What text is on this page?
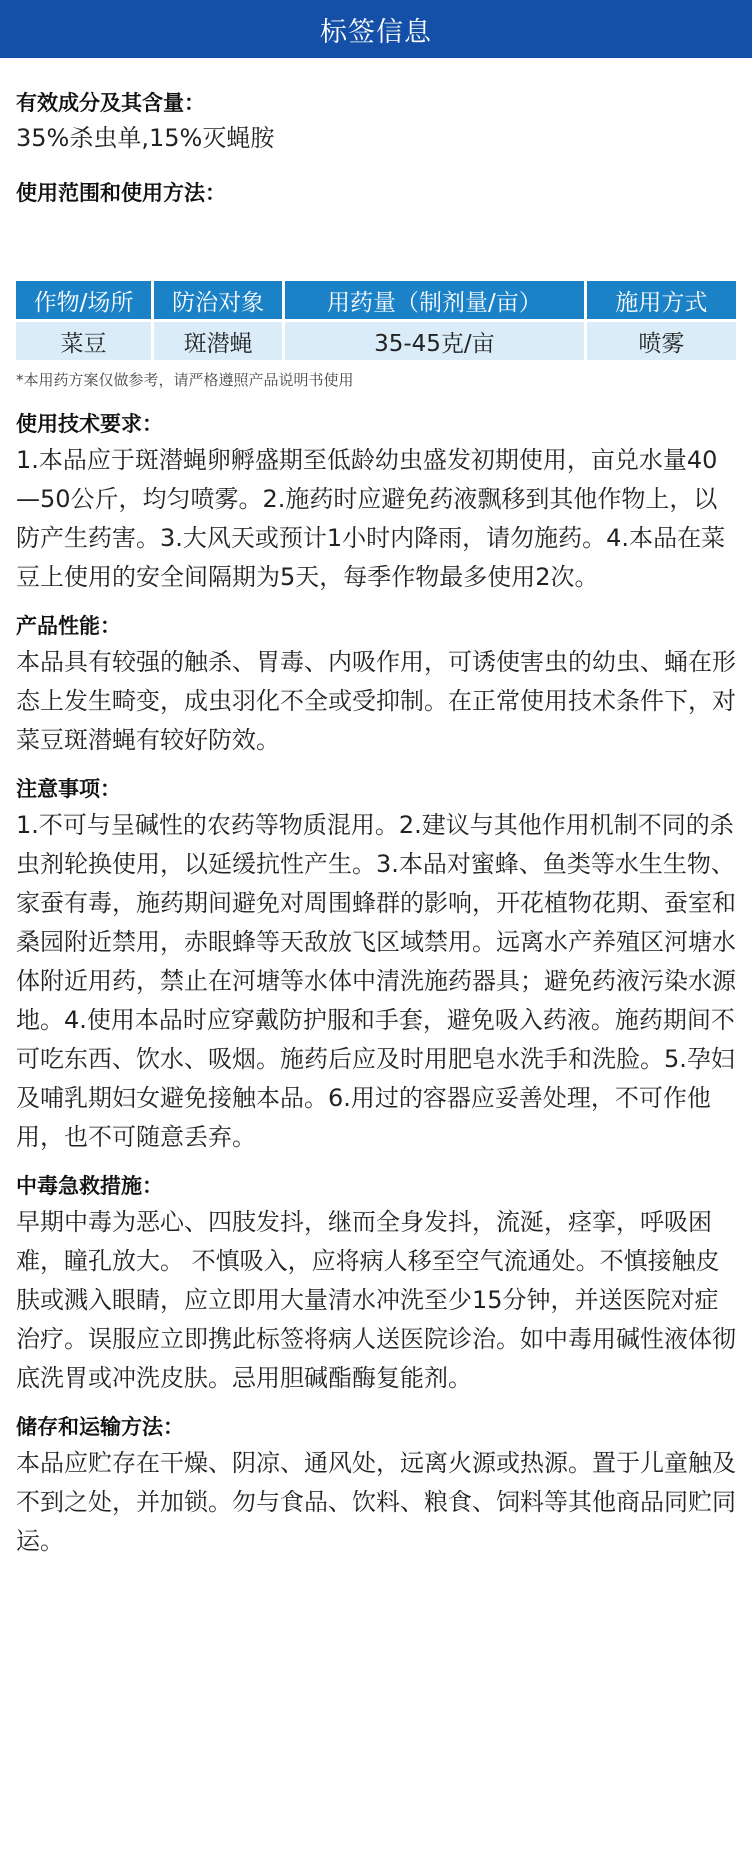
标签信息
有效成分及其含量：

35%杀虫单,15%灭蝇胺

使用范围和使用方法：
作物/场所	防治对象	用药量（制剂量/亩）	施用方式
菜豆	斑潜蝇	35-45克/亩	喷雾
*本用药方案仅做参考，请严格遵照产品说明书使用
使用技术要求：

1.本品应于斑潜蝇卵孵盛期至低龄幼虫盛发初期使用，亩兑水量40—50公斤，均匀喷雾。2.施药时应避免药液飘移到其他作物上，以防产生药害。3.大风天或预计1小时内降雨，请勿施药。4.本品在菜豆上使用的安全间隔期为5天，每季作物最多使用2次。

产品性能：

本品具有较强的触杀、胃毒、内吸作用，可诱使害虫的幼虫、蛹在形态上发生畸变，成虫羽化不全或受抑制。在正常使用技术条件下，对菜豆斑潜蝇有较好防效。

注意事项：

1.不可与呈碱性的农药等物质混用。2.建议与其他作用机制不同的杀虫剂轮换使用，以延缓抗性产生。3.本品对蜜蜂、鱼类等水生生物、家蚕有毒，施药期间避免对周围蜂群的影响，开花植物花期、蚕室和桑园附近禁用，赤眼蜂等天敌放飞区域禁用。远离水产养殖区河塘水体附近用药，禁止在河塘等水体中清洗施药器具；避免药液污染水源地。4.使用本品时应穿戴防护服和手套，避免吸入药液。施药期间不可吃东西、饮水、吸烟。施药后应及时用肥皂水洗手和洗脸。5.孕妇及哺乳期妇女避免接触本品。6.用过的容器应妥善处理，不可作他用，也不可随意丢弃。

中毒急救措施：

早期中毒为恶心、四肢发抖，继而全身发抖，流涎，痉挛，呼吸困难，瞳孔放大。 不慎吸入，应将病人移至空气流通处。不慎接触皮肤或溅入眼睛，应立即用大量清水冲洗至少15分钟，并送医院对症治疗。误服应立即携此标签将病人送医院诊治。如中毒用碱性液体彻底洗胃或冲洗皮肤。忌用胆碱酯酶复能剂。

储存和运输方法：

本品应贮存在干燥、阴凉、通风处，远离火源或热源。置于儿童触及不到之处，并加锁。勿与食品、饮料、粮食、饲料等其他商品同贮同运。
